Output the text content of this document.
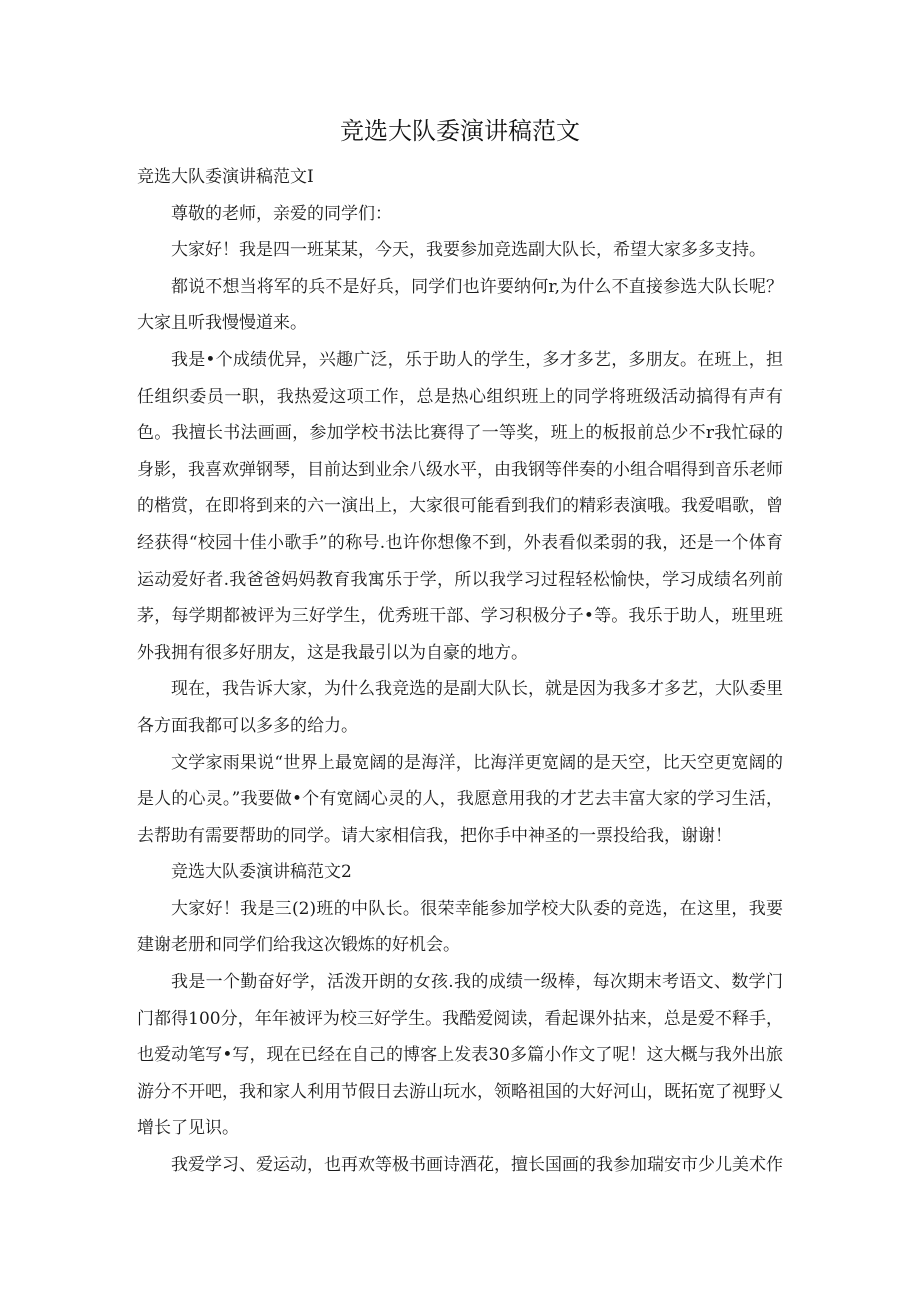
竞选大队委演讲稿范文

竞选大队委演讲稿范文I

尊敬的老师，亲爱的同学们：

大家好！我是四一班某某，今天，我要参加竞选副大队长，希望大家多多支持。

都说不想当将军的兵不是好兵，同学们也许要纳何r,为什么不直接参选大队长呢？大家且听我慢慢道来。

我是•个成绩优异，兴趣广泛，乐于助人的学生，多才多艺，多朋友。在班上，担任组织委员一职，我热爱这项工作，总是热心组织班上的同学将班级活动搞得有声有色。我擅长书法画画，参加学校书法比赛得了一等奖，班上的板报前总少不r我忙碌的身影，我喜欢弹钢琴，目前达到业余八级水平，由我钢等伴奏的小组合唱得到音乐老师的楷赏，在即将到来的六一演出上，大家很可能看到我们的精彩表演哦。我爱唱歌，曾经获得“校园十佳小歌手”的称号.也许你想像不到，外表看似柔弱的我，还是一个体育运动爱好者.我爸爸妈妈教育我寓乐于学，所以我学习过程轻松愉快，学习成绩名列前茅，每学期都被评为三好学生，优秀班干部、学习积极分子•等。我乐于助人，班里班外我拥有很多好朋友，这是我最引以为自豪的地方。

现在，我告诉大家，为什么我竞选的是副大队长，就是因为我多才多艺，大队委里各方面我都可以多多的给力。

文学家雨果说“世界上最宽阔的是海洋，比海洋更宽阔的是天空，比天空更宽阔的是人的心灵。”我要做•个有宽阔心灵的人，我愿意用我的才艺去丰富大家的学习生活，去帮助有需要帮助的同学。请大家相信我，把你手中神圣的一票投给我，谢谢！

竞选大队委演讲稿范文2

大家好！我是三(2)班的中队长。很荣幸能参加学校大队委的竞选，在这里，我要建谢老册和同学们给我这次锻炼的好机会。

我是一个勤奋好学，活泼开朗的女孩.我的成绩一级棒，每次期末考语文、数学门门都得100分，年年被评为校三好学生。我酷爱阅读，看起课外拈来，总是爱不释手，也爱动笔写•写，现在已经在自己的博客上发表30多篇小作文了呢！这大概与我外出旅游分不开吧，我和家人利用节假日去游山玩水，领略祖国的大好河山，既拓宽了视野乂增长了见识。

我爱学习、爱运动，也再欢等极书画诗酒花，擅长国画的我参加瑞安市少儿美术作
